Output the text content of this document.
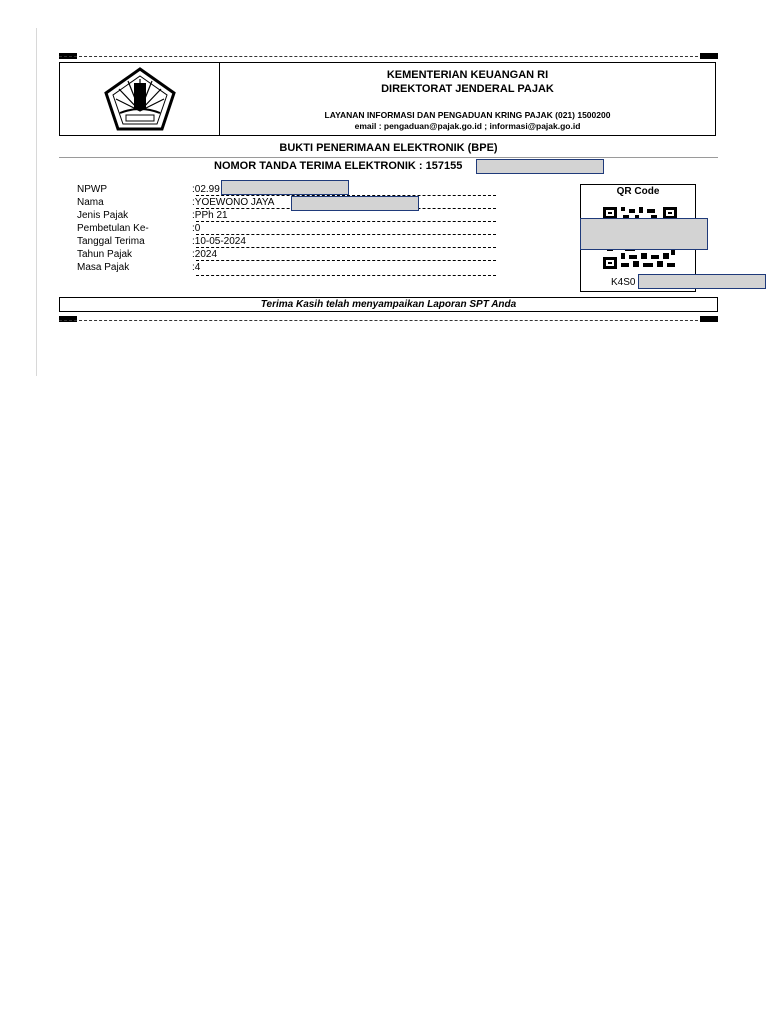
KEMENTERIAN KEUANGAN RI
DIREKTORAT JENDERAL PAJAK
LAYANAN INFORMASI DAN PENGADUAN KRING PAJAK (021) 1500200
email : pengaduan@pajak.go.id ; informasi@pajak.go.id
BUKTI PENERIMAAN ELEKTRONIK (BPE)
NOMOR TANDA TERIMA ELEKTRONIK : 157155
NPWP	:02.99
Nama	:YOEWONO JAYA
Jenis Pajak	:PPh 21
Pembetulan Ke-	:0
Tanggal Terima	:10-05-2024
Tahun Pajak	:2024
Masa Pajak	:4
QR Code
K4S0
Terima Kasih telah menyampaikan Laporan SPT Anda
